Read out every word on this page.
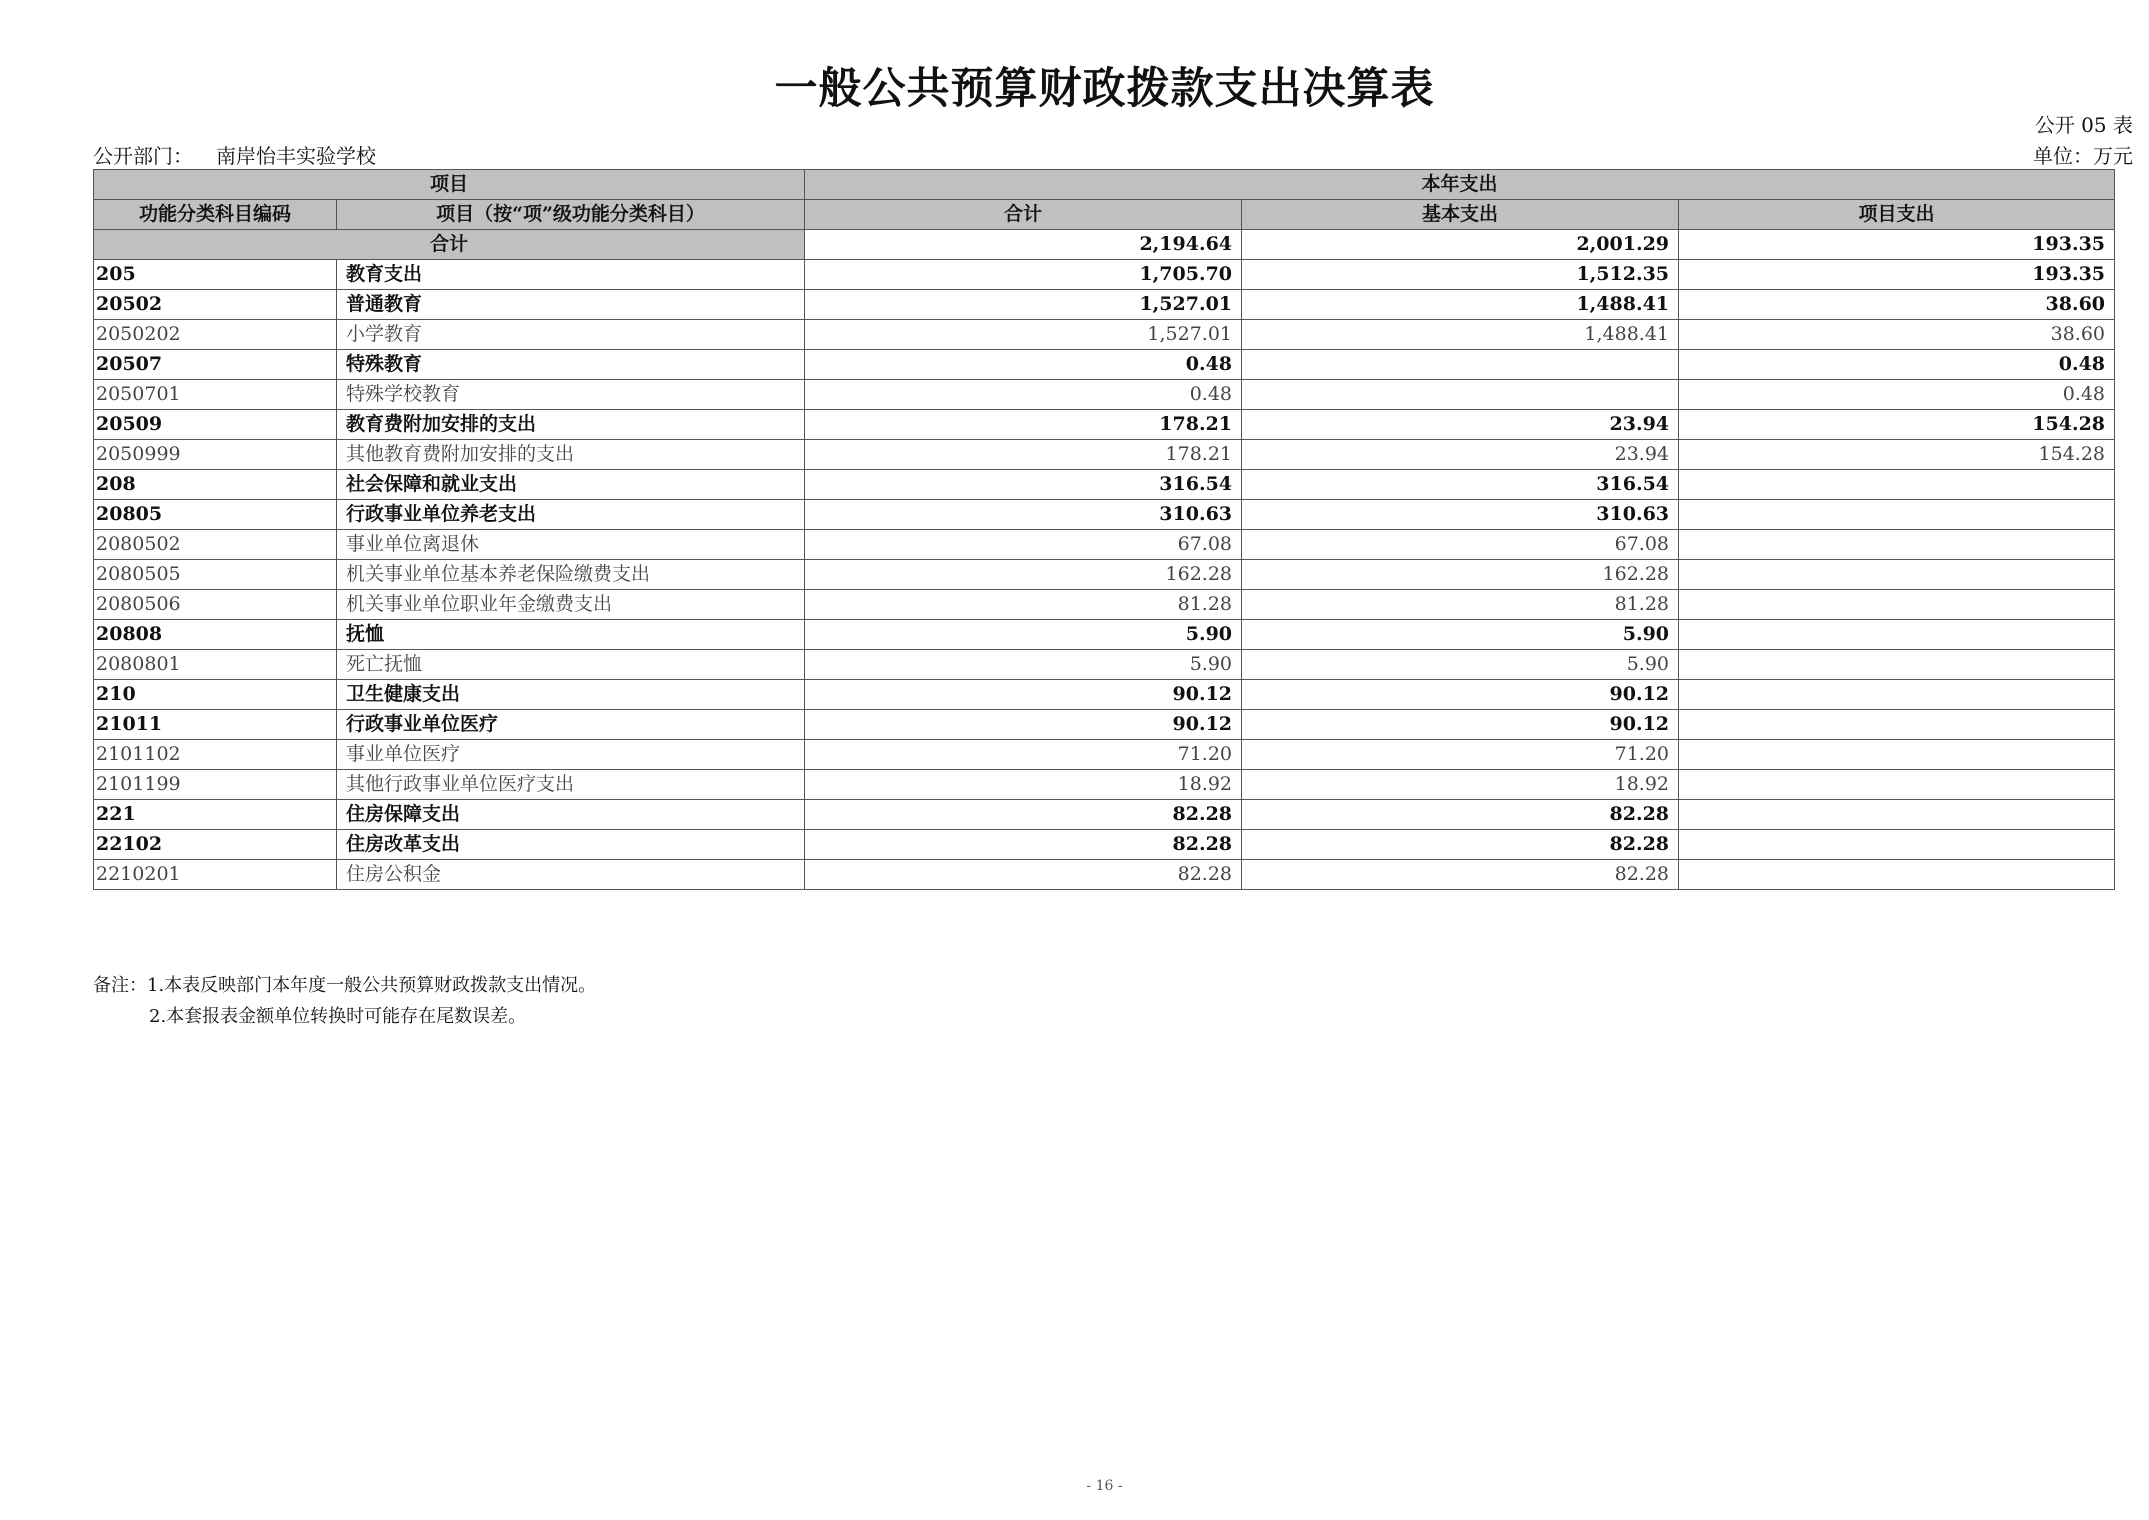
一般公共预算财政拨款支出决算表
公开 05 表
公开部门： 南岸怡丰实验学校	单位：万元
项目		本年支出		
功能分类科目编码	项目（按“项”级功能分类科目）	合计	基本支出	项目支出
合计		2,194.64	2,001.29	193.35
205	教育支出	1,705.70	1,512.35	193.35
20502	普通教育	1,527.01	1,488.41	38.60
2050202	小学教育	1,527.01	1,488.41	38.60
20507	特殊教育	0.48		0.48
2050701	特殊学校教育	0.48		0.48
20509	教育费附加安排的支出	178.21	23.94	154.28
2050999	其他教育费附加安排的支出	178.21	23.94	154.28
208	社会保障和就业支出	316.54	316.54	
20805	行政事业单位养老支出	310.63	310.63	
2080502	事业单位离退休	67.08	67.08	
2080505	机关事业单位基本养老保险缴费支出	162.28	162.28	
2080506	机关事业单位职业年金缴费支出	81.28	81.28	
20808	抚恤	5.90	5.90	
2080801	死亡抚恤	5.90	5.90	
210	卫生健康支出	90.12	90.12	
21011	行政事业单位医疗	90.12	90.12	
2101102	事业单位医疗	71.20	71.20	
2101199	其他行政事业单位医疗支出	18.92	18.92	
221	住房保障支出	82.28	82.28	
22102	住房改革支出	82.28	82.28	
2210201	住房公积金	82.28	82.28	
备注：1.本表反映部门本年度一般公共预算财政拨款支出情况。
2.本套报表金额单位转换时可能存在尾数误差。
- 16 -
